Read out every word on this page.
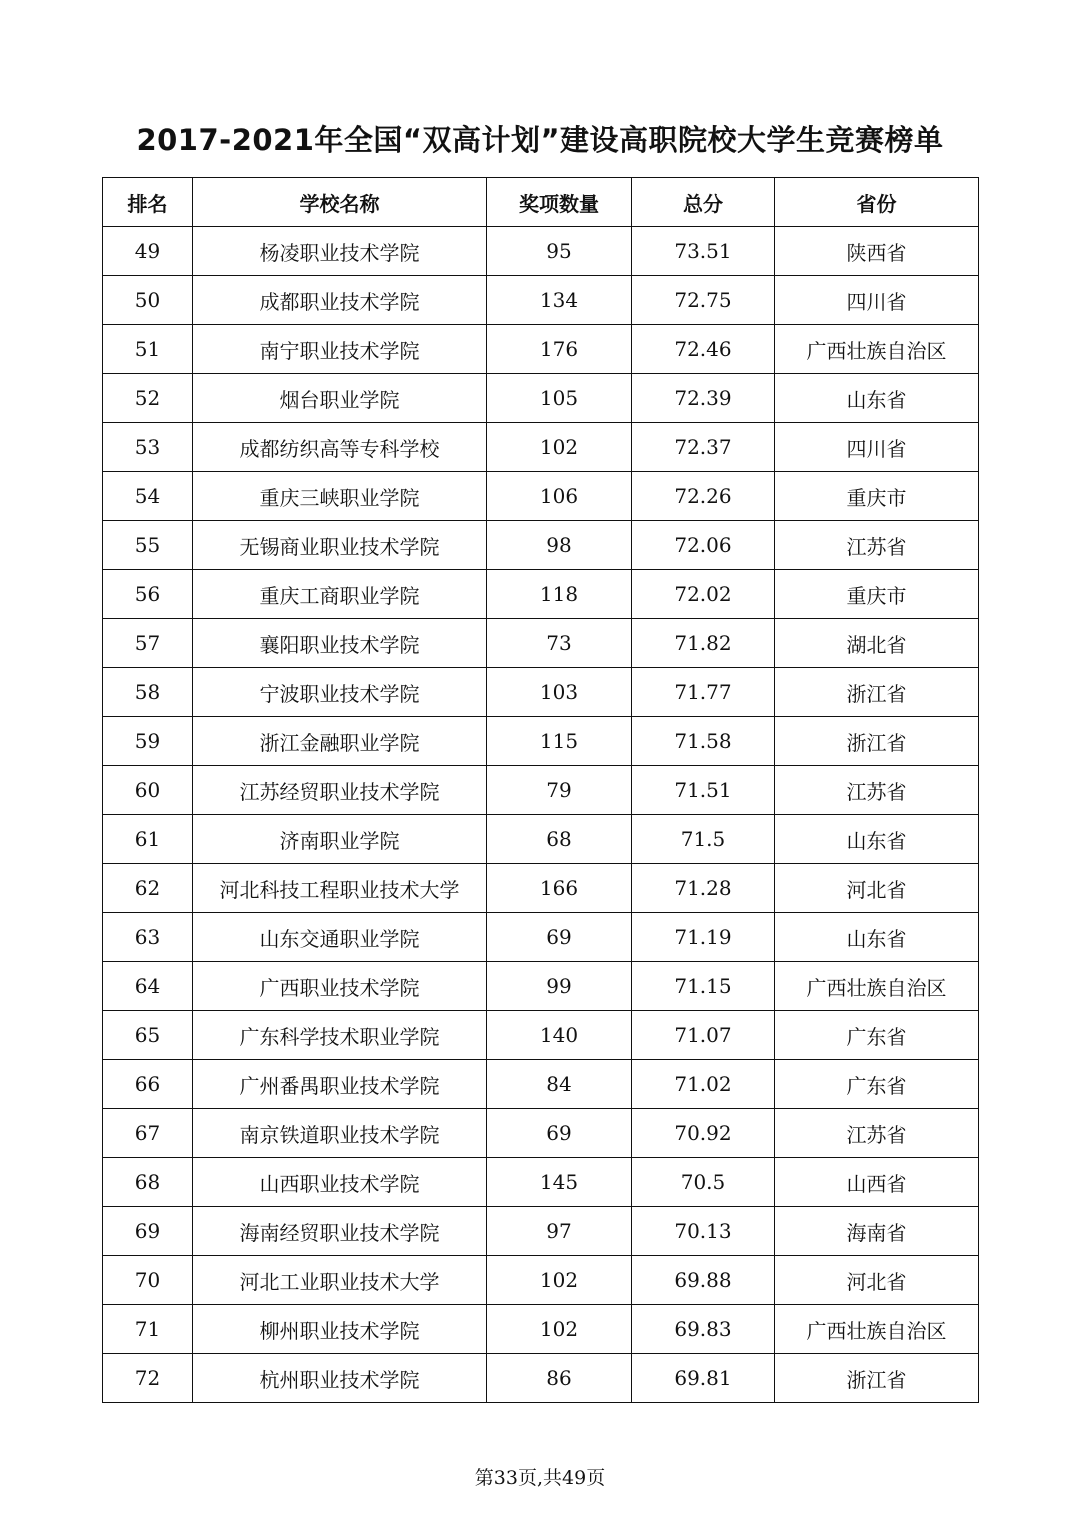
2017-2021年全国“双高计划”建设高职院校大学生竞赛榜单
排名	学校名称	奖项数量	总分	省份
49	杨凌职业技术学院	95	73.51	陕西省
50	成都职业技术学院	134	72.75	四川省
51	南宁职业技术学院	176	72.46	广西壮族自治区
52	烟台职业学院	105	72.39	山东省
53	成都纺织高等专科学校	102	72.37	四川省
54	重庆三峡职业学院	106	72.26	重庆市
55	无锡商业职业技术学院	98	72.06	江苏省
56	重庆工商职业学院	118	72.02	重庆市
57	襄阳职业技术学院	73	71.82	湖北省
58	宁波职业技术学院	103	71.77	浙江省
59	浙江金融职业学院	115	71.58	浙江省
60	江苏经贸职业技术学院	79	71.51	江苏省
61	济南职业学院	68	71.5	山东省
62	河北科技工程职业技术大学	166	71.28	河北省
63	山东交通职业学院	69	71.19	山东省
64	广西职业技术学院	99	71.15	广西壮族自治区
65	广东科学技术职业学院	140	71.07	广东省
66	广州番禺职业技术学院	84	71.02	广东省
67	南京铁道职业技术学院	69	70.92	江苏省
68	山西职业技术学院	145	70.5	山西省
69	海南经贸职业技术学院	97	70.13	海南省
70	河北工业职业技术大学	102	69.88	河北省
71	柳州职业技术学院	102	69.83	广西壮族自治区
72	杭州职业技术学院	86	69.81	浙江省
第33页,共49页
